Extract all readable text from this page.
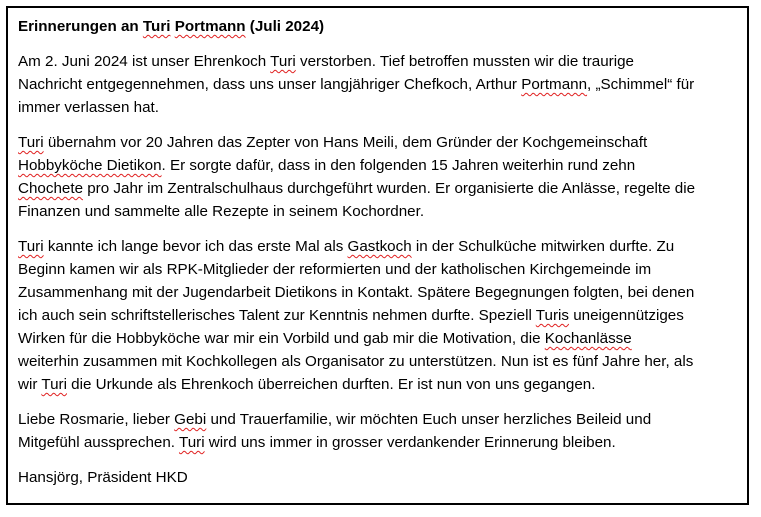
Erinnerungen an Turi Portmann (Juli 2024)
Am 2. Juni 2024 ist unser Ehrenkoch Turi verstorben. Tief betroffen mussten wir die traurige
Nachricht entgegennehmen, dass uns unser langjähriger Chefkoch, Arthur Portmann, „Schimmel“ für
immer verlassen hat.
Turi übernahm vor 20 Jahren das Zepter von Hans Meili, dem Gründer der Kochgemeinschaft
Hobbyköche Dietikon. Er sorgte dafür, dass in den folgenden 15 Jahren weiterhin rund zehn
Chochete pro Jahr im Zentralschulhaus durchgeführt wurden. Er organisierte die Anlässe, regelte die
Finanzen und sammelte alle Rezepte in seinem Kochordner.
Turi kannte ich lange bevor ich das erste Mal als Gastkoch in der Schulküche mitwirken durfte. Zu
Beginn kamen wir als RPK-Mitglieder der reformierten und der katholischen Kirchgemeinde im
Zusammenhang mit der Jugendarbeit Dietikons in Kontakt. Spätere Begegnungen folgten, bei denen
ich auch sein schriftstellerisches Talent zur Kenntnis nehmen durfte. Speziell Turis uneigennütziges
Wirken für die Hobbyköche war mir ein Vorbild und gab mir die Motivation, die Kochanlässe
weiterhin zusammen mit Kochkollegen als Organisator zu unterstützen. Nun ist es fünf Jahre her, als
wir Turi die Urkunde als Ehrenkoch überreichen durften. Er ist nun von uns gegangen.
Liebe Rosmarie, lieber Gebi und Trauerfamilie, wir möchten Euch unser herzliches Beileid und
Mitgefühl aussprechen. Turi wird uns immer in grosser verdankender Erinnerung bleiben.
Hansjörg, Präsident HKD
